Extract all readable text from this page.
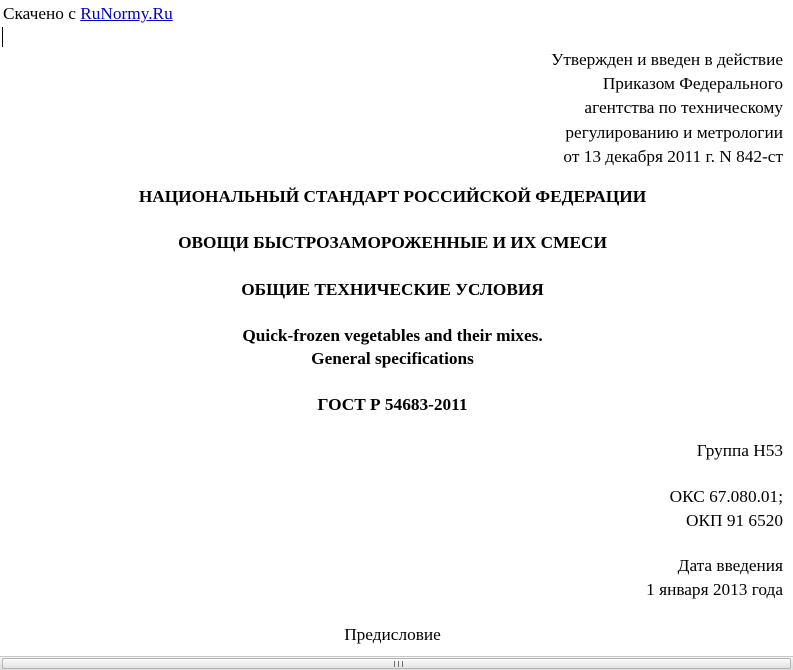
Скачено с RuNormy.Ru
Утвержден и введен в действие
Приказом Федерального
агентства по техническому
регулированию и метрологии
от 13 декабря 2011 г. N 842-ст
НАЦИОНАЛЬНЫЙ СТАНДАРТ РОССИЙСКОЙ ФЕДЕРАЦИИ
ОВОЩИ БЫСТРОЗАМОРОЖЕННЫЕ И ИХ СМЕСИ
ОБЩИЕ ТЕХНИЧЕСКИЕ УСЛОВИЯ
Quick-frozen vegetables and their mixes.
General specifications
ГОСТ Р 54683-2011
Группа Н53
ОКС 67.080.01;
ОКП 91 6520
Дата введения
1 января 2013 года
Предисловие
